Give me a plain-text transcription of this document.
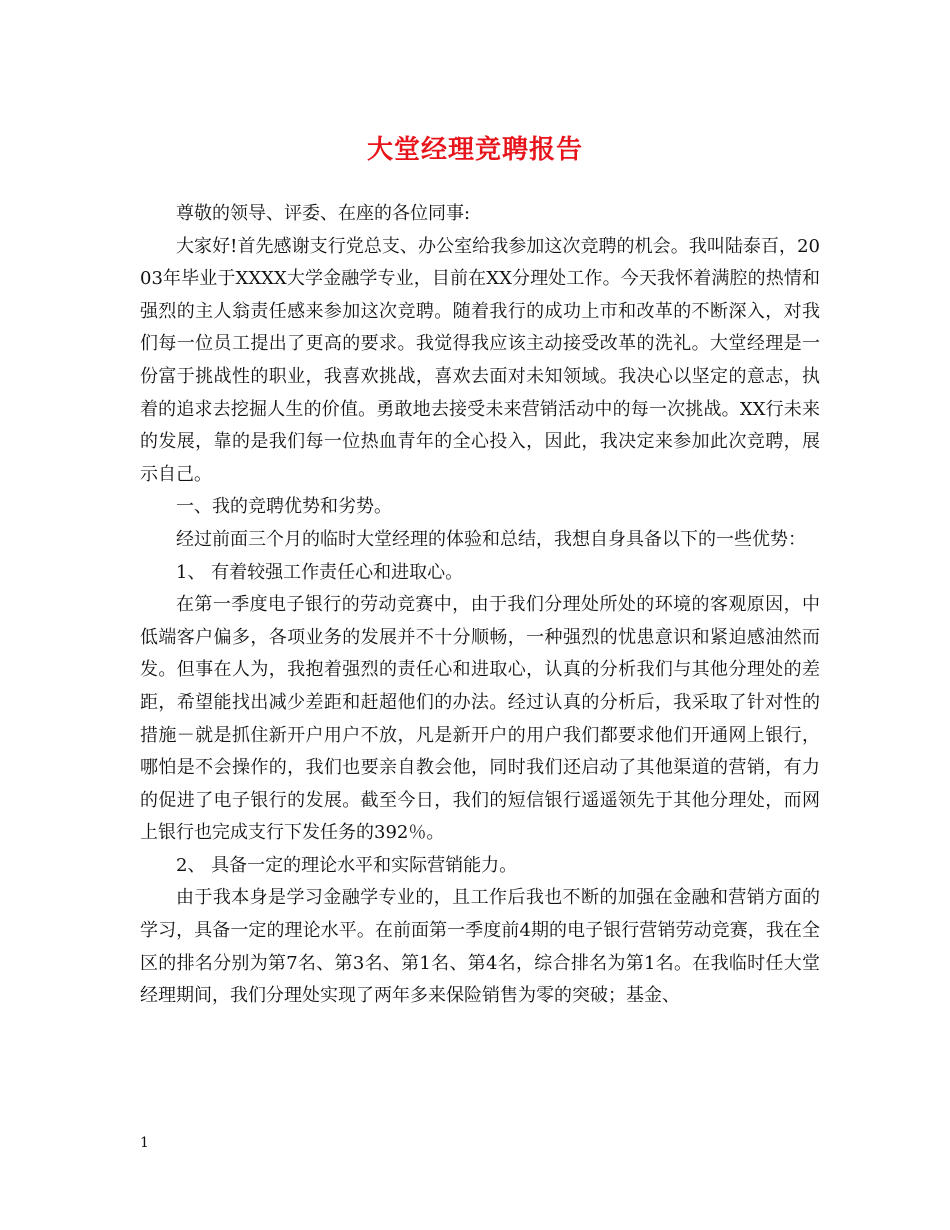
大堂经理竞聘报告

尊敬的领导、评委、在座的各位同事:

大家好!首先感谢支行党总支、办公室给我参加这次竞聘的机会。我叫陆泰百，2003年毕业于XXXX大学金融学专业，目前在XX分理处工作。今天我怀着满腔的热情和强烈的主人翁责任感来参加这次竞聘。随着我行的成功上市和改革的不断深入，对我们每一位员工提出了更高的要求。我觉得我应该主动接受改革的洗礼。大堂经理是一份富于挑战性的职业，我喜欢挑战，喜欢去面对未知领域。我决心以坚定的意志，执着的追求去挖掘人生的价值。勇敢地去接受未来营销活动中的每一次挑战。XX行未来的发展，靠的是我们每一位热血青年的全心投入，因此，我决定来参加此次竞聘，展示自己。

一、我的竞聘优势和劣势。

经过前面三个月的临时大堂经理的体验和总结，我想自身具备以下的一些优势：

1、 有着较强工作责任心和进取心。

在第一季度电子银行的劳动竞赛中，由于我们分理处所处的环境的客观原因，中低端客户偏多，各项业务的发展并不十分顺畅，一种强烈的忧患意识和紧迫感油然而发。但事在人为，我抱着强烈的责任心和进取心，认真的分析我们与其他分理处的差距，希望能找出减少差距和赶超他们的办法。经过认真的分析后，我采取了针对性的措施－就是抓住新开户用户不放，凡是新开户的用户我们都要求他们开通网上银行，哪怕是不会操作的，我们也要亲自教会他，同时我们还启动了其他渠道的营销，有力的促进了电子银行的发展。截至今日，我们的短信银行遥遥领先于其他分理处，而网上银行也完成支行下发任务的392％。

2、 具备一定的理论水平和实际营销能力。

由于我本身是学习金融学专业的，且工作后我也不断的加强在金融和营销方面的学习，具备一定的理论水平。在前面第一季度前4期的电子银行营销劳动竞赛，我在全区的排名分别为第7名、第3名、第1名、第4名，综合排名为第1名。在我临时任大堂经理期间，我们分理处实现了两年多来保险销售为零的突破；基金、

1
